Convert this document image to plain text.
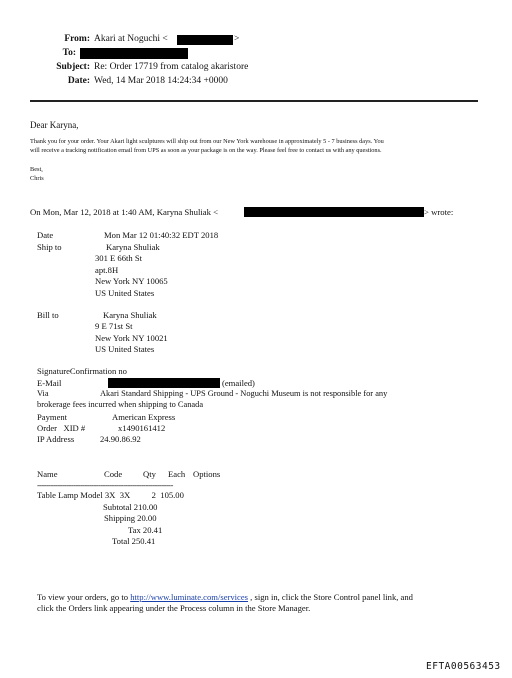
From: Akari at Noguchi <	>
To:
Subject: Re: Order 17719 from catalog akaristore
Date: Wed, 14 Mar 2018 14:24:34 +0000
Dear Karyna,
Thank you for your order. Your Akari light sculptures will ship out from our New York warehouse in approximately 5 - 7 business days. You
will receive a tracking notification email from UPS as soon as your package is on the way. Please feel free to contact us with any questions.
Best,
Chris
On Mon, Mar 12, 2018 at 1:40 AM, Karyna Shuliak <	> wrote:
Date	Mon Mar 12 01:40:32 EDT 2018
Ship to	Karyna Shuliak
301 E 66th St
apt.8H
New York NY 10065
US United States
Bill to	Karyna Shuliak
9 E 71st St
New York NY 10021
US United States
SignatureConfirmation no
E-Mail	(emailed)
Via	Akari Standard Shipping - UPS Ground - Noguchi Museum is not responsible for any
brokerage fees incurred when shipping to Canada
Payment	American Express
Order   XID #	x1490161412
IP Address	24.90.86.92
Name	Code Qty Each Options
------------------------------------------------------------
Table Lamp Model 3X  3X          2  105.00
Subtotal 210.00
Shipping 20.00
Tax 20.41
Total 250.41
To view your orders, go to http://www.luminate.com/services , sign in, click the Store Control panel link, and
click the Orders link appearing under the Process column in the Store Manager.
EFTA00563453
